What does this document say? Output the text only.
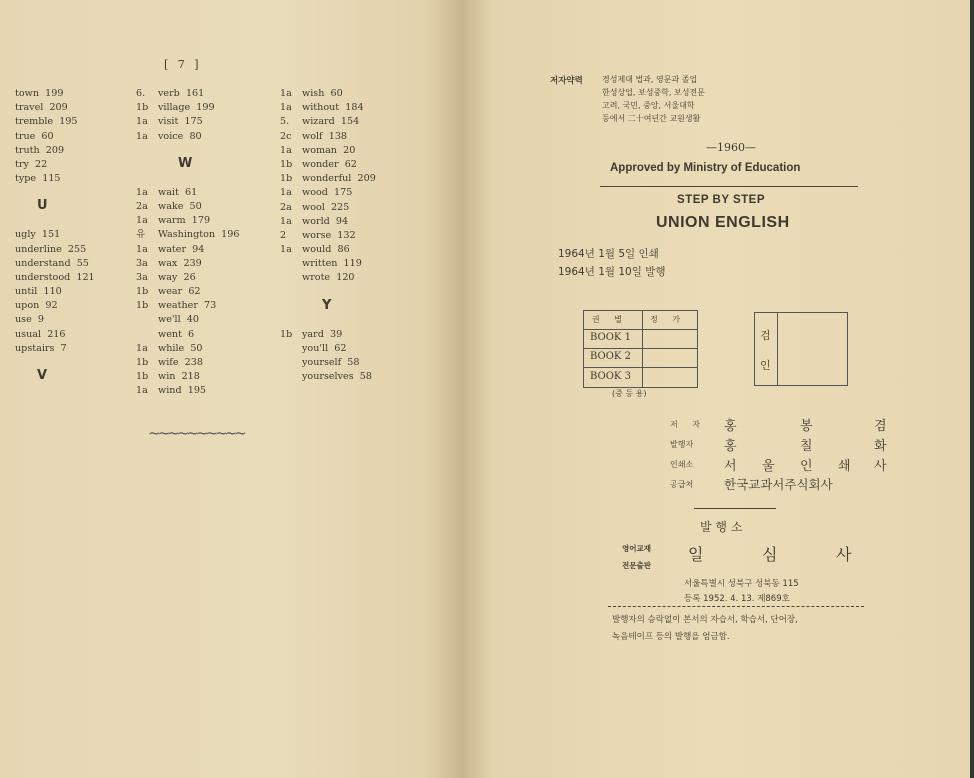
[ 7 ]
town 199
travel 209
tremble 195
true 60
truth 209
try 22
type 115
U
ugly 151
underline 255
understand 55
understood 121
until 110
upon 92
use 9
usual 216
upstairs 7
V
6. verb 161
1b village 199
1a visit 175
1a voice 80
W
1a wait 61
2a wake 50
1a warm 179
유 Washington 196
1a water 94
3a wax 239
3a way 26
1b wear 62
1b weather 73
we'll 40
went 6
1a while 50
1b wife 238
1b win 218
1a wind 195
1a wish 60
1a without 184
5. wizard 154
2c wolf 138
1a woman 20
1b wonder 62
1b wonderful 209
1a wood 175
2a wool 225
1a world 94
2 worse 132
1a would 86
written 119
wrote 120
Y
1b yard 39
you'll 62
yourself 58
yourselves 58
~~~~~~~~~~
저자약력 경성제대 법과, 영문과 졸업
한성상업, 보성중학, 보성전문
고려, 국민, 중앙, 서울대학
등에서 二十여년간 교원생활
—1960—
Approved by Ministry of Education
STEP BY STEP
UNION ENGLISH
1964년 1월 5일 인쇄
1964년 1월 10일 발행
권 별	정 가
BOOK 1
BOOK 2
BOOK 3
(중 등 용)
검
인
저 자 홍	봉	겸
발행자 홍	칠	화
인쇄소 서 울 인 쇄 사
공급처 한국교과서주식회사
발 행 소
영어교재
전문출판
일	심	사
서울특별시 성북구 성북동 115
등록 1952. 4. 13. 제869호
발행자의 승락없이 본서의 자습서, 학습서, 단어장,
녹음테이프 등의 발행을 엄금함.
